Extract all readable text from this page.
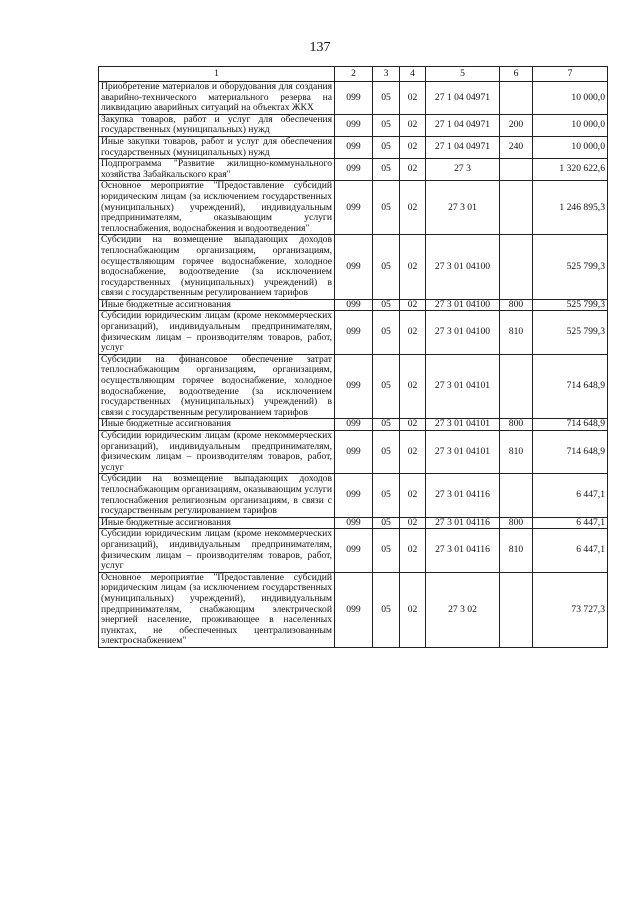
137
1	2	3	4	5	6	7
Приобретение материалов и оборудования для создания аварийно-технического материального резерва на ликвидацию аварийных ситуаций на объектах ЖКХ	099	05	02	27 1 04 04971		10 000,0
Закупка товаров, работ и услуг для обеспечения государственных (муниципальных) нужд	099	05	02	27 1 04 04971	200	10 000,0
Иные закупки товаров, работ и услуг для обеспечения государственных (муниципальных) нужд	099	05	02	27 1 04 04971	240	10 000,0
Подпрограмма "Развитие жилищно-коммунального хозяйства Забайкальского края"	099	05	02	27 3		1 320 622,6
Основное мероприятие "Предоставление субсидий юридическим лицам (за исключением государственных (муниципальных) учреждений), индивидуальным предпринимателям, оказывающим услуги теплоснабжения, водоснабжения и водоотведения"	099	05	02	27 3 01		1 246 895,3
Субсидии на возмещение выпадающих доходов теплоснабжающим организациям, организациям, осуществляющим горячее водоснабжение, холодное водоснабжение, водоотведение (за исключением государственных (муниципальных) учреждений) в связи с государственным регулированием тарифов	099	05	02	27 3 01 04100		525 799,3
Иные бюджетные ассигнования	099	05	02	27 3 01 04100	800	525 799,3
Субсидии юридическим лицам (кроме некоммерческих организаций), индивидуальным предпринимателям, физическим лицам – производителям товаров, работ, услуг	099	05	02	27 3 01 04100	810	525 799,3
Субсидии на финансовое обеспечение затрат теплоснабжающим организациям, организациям, осуществляющим горячее водоснабжение, холодное водоснабжение, водоотведение (за исключением государственных (муниципальных) учреждений) в связи с государственным регулированием тарифов	099	05	02	27 3 01 04101		714 648,9
Иные бюджетные ассигнования	099	05	02	27 3 01 04101	800	714 648,9
Субсидии юридическим лицам (кроме некоммерческих организаций), индивидуальным предпринимателям, физическим лицам – производителям товаров, работ, услуг	099	05	02	27 3 01 04101	810	714 648,9
Субсидии на возмещение выпадающих доходов теплоснабжающим организациям, оказывающим услуги теплоснабжения религиозным организациям, в связи с государственным регулированием тарифов	099	05	02	27 3 01 04116		6 447,1
Иные бюджетные ассигнования	099	05	02	27 3 01 04116	800	6 447,1
Субсидии юридическим лицам (кроме некоммерческих организаций), индивидуальным предпринимателям, физическим лицам – производителям товаров, работ, услуг	099	05	02	27 3 01 04116	810	6 447,1
Основное мероприятие "Предоставление субсидий юридическим лицам (за исключением государственных (муниципальных) учреждений), индивидуальным предпринимателям, снабжающим электрической энергией население, проживающее в населенных пунктах, не обеспеченных централизованным электроснабжением"	099	05	02	27 3 02		73 727,3
